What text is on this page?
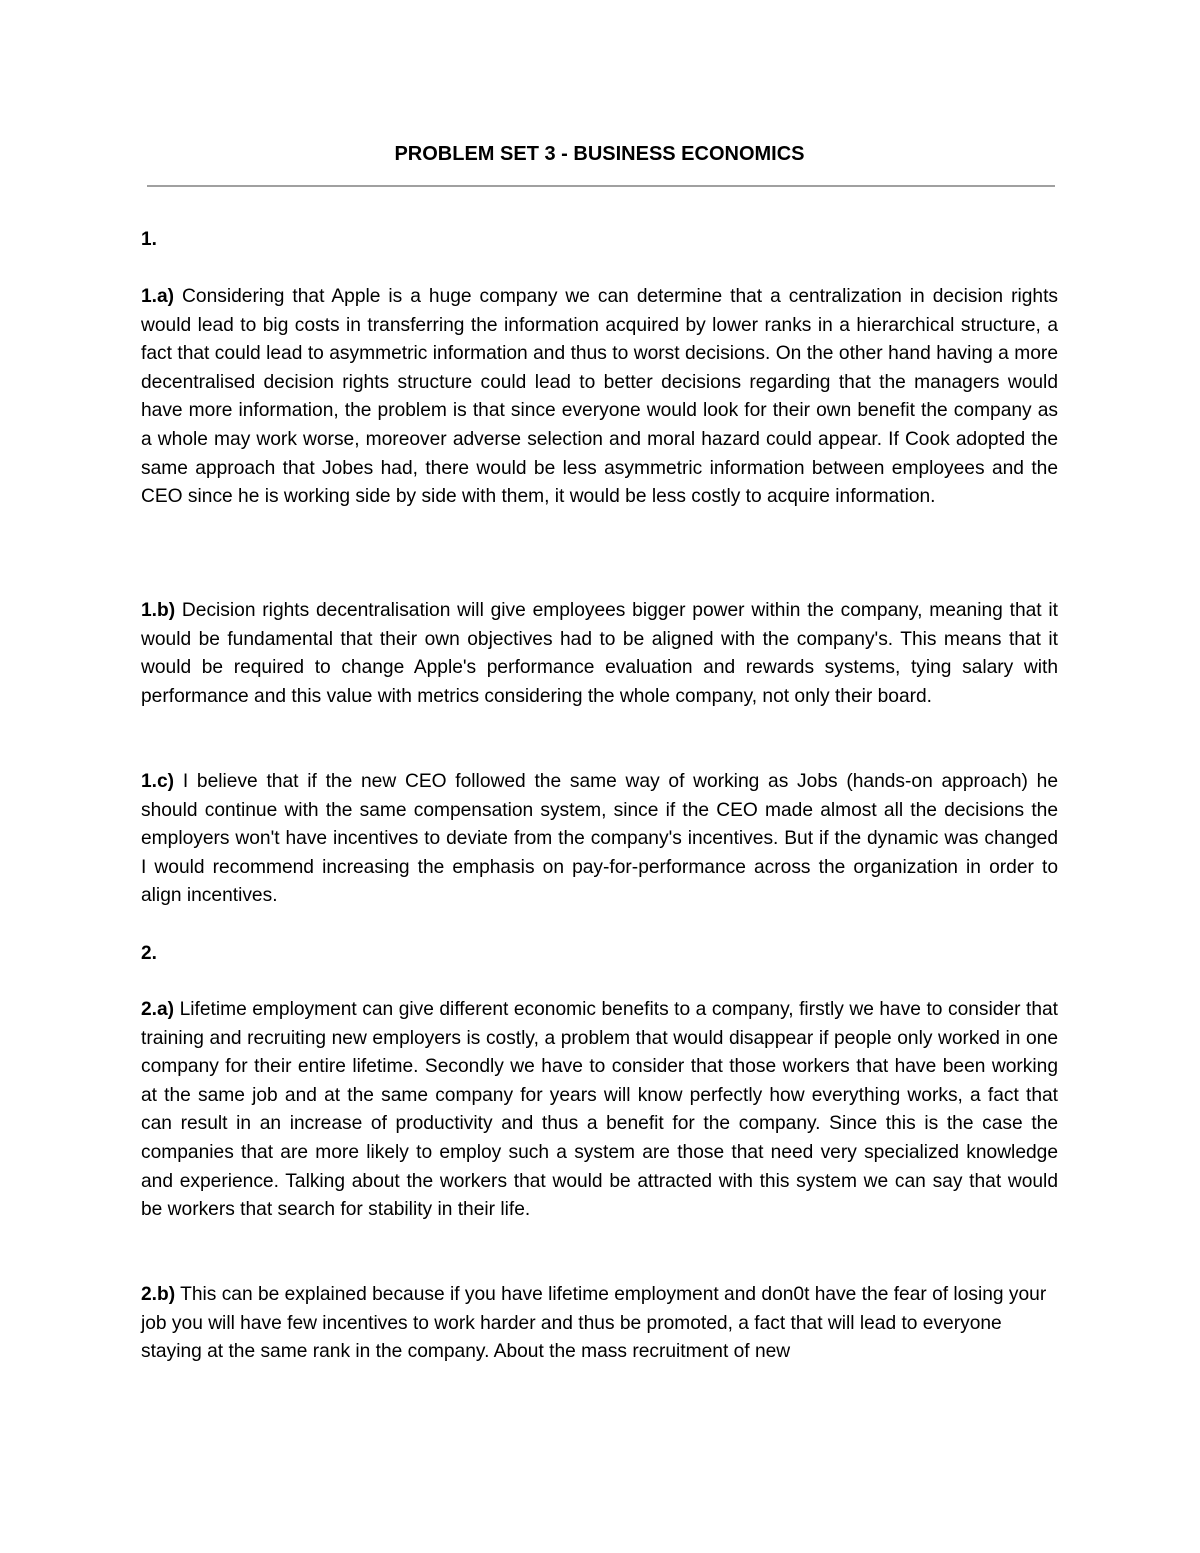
PROBLEM SET 3 - BUSINESS ECONOMICS
1.

1.a) Considering that Apple is a huge company we can determine that a centralization in decision rights would lead to big costs in transferring the information acquired by lower ranks in a hierarchical structure, a fact that could lead to asymmetric information and thus to worst decisions. On the other hand having a more decentralised decision rights structure could lead to better decisions regarding that the managers would have more information, the problem is that since everyone would look for their own benefit the company as a whole may work worse, moreover adverse selection and moral hazard could appear. If Cook adopted the same approach that Jobes had, there would be less asymmetric information between employees and the CEO since he is working side by side with them, it would be less costly to acquire information.

1.b) Decision rights decentralisation will give employees bigger power within the company, meaning that it would be fundamental that their own objectives had to be aligned with the company's. This means that it would be required to change Apple's performance evaluation and rewards systems, tying salary with performance and this value with metrics considering the whole company, not only their board.

1.c) I believe that if the new CEO followed the same way of working as Jobs (hands-on approach) he should continue with the same compensation system, since if the CEO made almost all the decisions the employers won't have incentives to deviate from the company's incentives. But if the dynamic was changed I would recommend increasing the emphasis on pay-for-performance across the organization in order to align incentives.

2.

2.a) Lifetime employment can give different economic benefits to a company, firstly we have to consider that training and recruiting new employers is costly, a problem that would disappear if people only worked in one company for their entire lifetime. Secondly we have to consider that those workers that have been working at the same job and at the same company for years will know perfectly how everything works, a fact that can result in an increase of productivity and thus a benefit for the company. Since this is the case the companies that are more likely to employ such a system are those that need very specialized knowledge and experience. Talking about the workers that would be attracted with this system we can say that would be workers that search for stability in their life.

2.b) This can be explained because if you have lifetime employment and don0t have the fear of losing your job you will have few incentives to work harder and thus be promoted, a fact that will lead to everyone staying at the same rank in the company. About the mass recruitment of new
